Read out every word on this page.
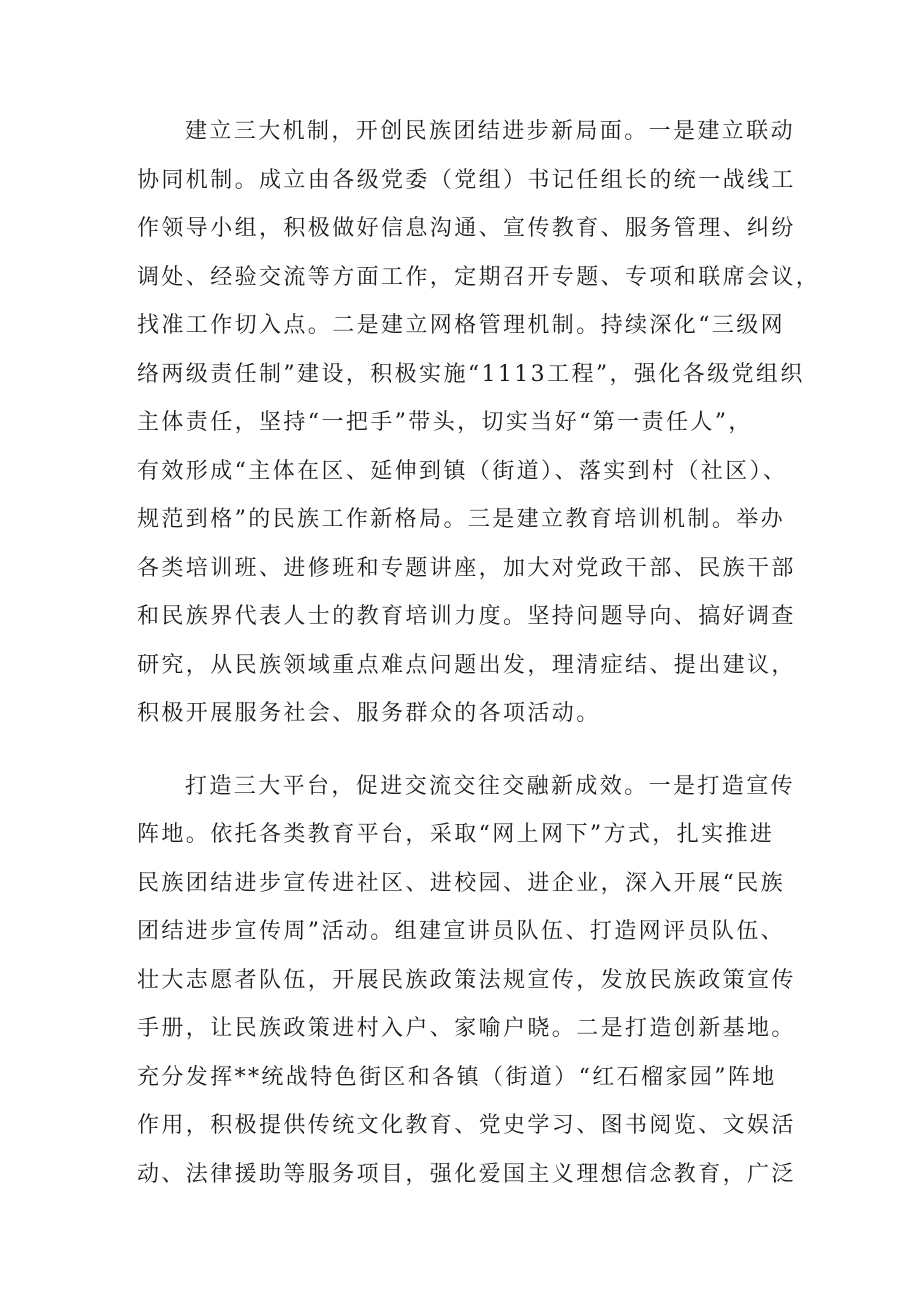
建立三大机制，开创民族团结进步新局面。一是建立联动
协同机制。成立由各级党委（党组）书记任组长的统一战线工
作领导小组，积极做好信息沟通、宣传教育、服务管理、纠纷
调处、经验交流等方面工作，定期召开专题、专项和联席会议，
找准工作切入点。二是建立网格管理机制。持续深化“三级网
络两级责任制”建设，积极实施“1113工程”，强化各级党组织
主体责任，坚持“一把手”带头，切实当好“第一责任人”，
有效形成“主体在区、延伸到镇（街道）、落实到村（社区）、
规范到格”的民族工作新格局。三是建立教育培训机制。举办
各类培训班、进修班和专题讲座，加大对党政干部、民族干部
和民族界代表人士的教育培训力度。坚持问题导向、搞好调查
研究，从民族领域重点难点问题出发，理清症结、提出建议，
积极开展服务社会、服务群众的各项活动。
打造三大平台，促进交流交往交融新成效。一是打造宣传
阵地。依托各类教育平台，采取“网上网下”方式，扎实推进
民族团结进步宣传进社区、进校园、进企业，深入开展“民族
团结进步宣传周”活动。组建宣讲员队伍、打造网评员队伍、
壮大志愿者队伍，开展民族政策法规宣传，发放民族政策宣传
手册，让民族政策进村入户、家喻户晓。二是打造创新基地。
充分发挥**统战特色街区和各镇（街道）“红石榴家园”阵地
作用，积极提供传统文化教育、党史学习、图书阅览、文娱活
动、法律援助等服务项目，强化爱国主义理想信念教育，广泛
